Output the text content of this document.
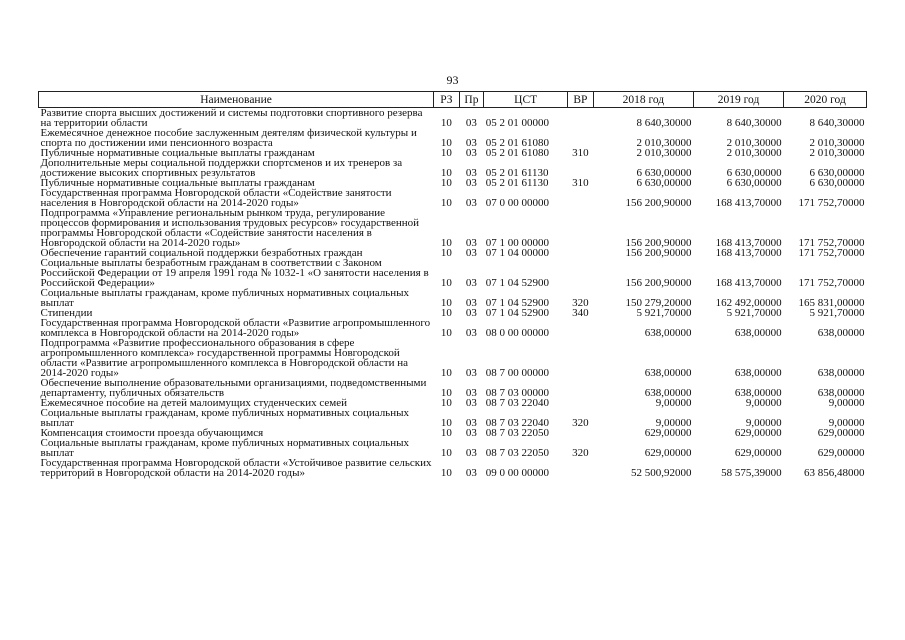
93
Наименование	РЗ	Пр	ЦСТ	ВР	2018 год	2019 год	2020 год
Развитие спорта высших достижений и системы подготовки спортивного резерва на территории области	10	03	05 2 01 00000		8 640,30000	8 640,30000	8 640,30000
Ежемесячное денежное пособие заслуженным деятелям физической культуры и спорта по достижении ими пенсионного возраста	10	03	05 2 01 61080		2 010,30000	2 010,30000	2 010,30000
Публичные нормативные социальные выплаты гражданам	10	03	05 2 01 61080	310	2 010,30000	2 010,30000	2 010,30000
Дополнительные меры социальной поддержки спортсменов и их тренеров за достижение высоких спортивных результатов	10	03	05 2 01 61130		6 630,00000	6 630,00000	6 630,00000
Публичные нормативные социальные выплаты гражданам	10	03	05 2 01 61130	310	6 630,00000	6 630,00000	6 630,00000
Государственная программа Новгородской области «Содействие занятости населения в Новгородской области на 2014-2020 годы»	10	03	07 0 00 00000		156 200,90000	168 413,70000	171 752,70000
Подпрограмма «Управление региональным рынком труда, регулирование процессов формирования и использования трудовых ресурсов» государственной программы Новгородской области «Содействие занятости населения в Новгородской области на 2014-2020 годы»	10	03	07 1 00 00000		156 200,90000	168 413,70000	171 752,70000
Обеспечение гарантий социальной поддержки безработных граждан	10	03	07 1 04 00000		156 200,90000	168 413,70000	171 752,70000
Социальные выплаты безработным гражданам в соответствии с Законом Российской Федерации от 19 апреля 1991 года № 1032-1 «О занятости населения в Российской Федерации»	10	03	07 1 04 52900		156 200,90000	168 413,70000	171 752,70000
Социальные выплаты гражданам, кроме публичных нормативных социальных выплат	10	03	07 1 04 52900	320	150 279,20000	162 492,00000	165 831,00000
Стипендии	10	03	07 1 04 52900	340	5 921,70000	5 921,70000	5 921,70000
Государственная программа Новгородской области «Развитие агропромышленного комплекса в Новгородской области на 2014-2020 годы»	10	03	08 0 00 00000		638,00000	638,00000	638,00000
Подпрограмма «Развитие профессионального образования в сфере агропромышленного комплекса» государственной программы Новгородской области «Развитие агропромышленного комплекса в Новгородской области на 2014-2020 годы»	10	03	08 7 00 00000		638,00000	638,00000	638,00000
Обеспечение выполнение образовательными организациями, подведомственными департаменту, публичных обязательств	10	03	08 7 03 00000		638,00000	638,00000	638,00000
Ежемесячное пособие на детей малоимущих студенческих семей	10	03	08 7 03 22040		9,00000	9,00000	9,00000
Социальные выплаты гражданам, кроме публичных нормативных социальных выплат	10	03	08 7 03 22040	320	9,00000	9,00000	9,00000
Компенсация стоимости проезда обучающимся	10	03	08 7 03 22050		629,00000	629,00000	629,00000
Социальные выплаты гражданам, кроме публичных нормативных социальных выплат	10	03	08 7 03 22050	320	629,00000	629,00000	629,00000
Государственная программа Новгородской области «Устойчивое развитие сельских территорий в Новгородской области на 2014-2020 годы»	10	03	09 0 00 00000		52 500,92000	58 575,39000	63 856,48000
